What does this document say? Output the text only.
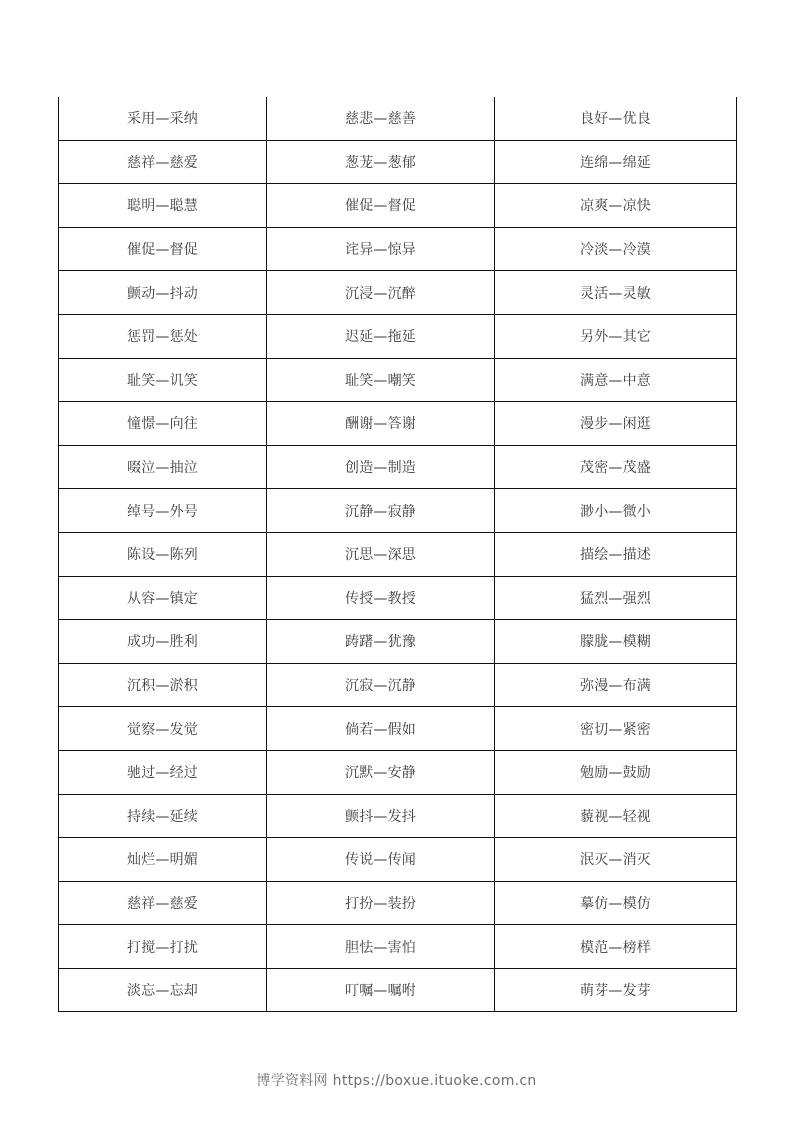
采用—采纳	慈悲—慈善	良好—优良
慈祥—慈爱	葱茏—葱郁	连绵—绵延
聪明—聪慧	催促—督促	凉爽—凉快
催促—督促	诧异—惊异	冷淡—冷漠
颤动—抖动	沉浸—沉醉	灵活—灵敏
惩罚—惩处	迟延—拖延	另外—其它
耻笑—讥笑	耻笑—嘲笑	满意—中意
憧憬—向往	酬谢—答谢	漫步—闲逛
啜泣—抽泣	创造—制造	茂密—茂盛
绰号—外号	沉静—寂静	渺小—微小
陈设—陈列	沉思—深思	描绘—描述
从容—镇定	传授—教授	猛烈—强烈
成功—胜利	踌躇—犹豫	朦胧—模糊
沉积—淤积	沉寂—沉静	弥漫—布满
觉察—发觉	倘若—假如	密切—紧密
驰过—经过	沉默—安静	勉励—鼓励
持续—延续	颤抖—发抖	藐视—轻视
灿烂—明媚	传说—传闻	泯灭—消灭
慈祥—慈爱	打扮—装扮	摹仿—模仿
打搅—打扰	胆怯—害怕	模范—榜样
淡忘—忘却	叮嘱—嘱咐	萌芽—发芽
博学资料网 https://boxue.ituoke.com.cn
